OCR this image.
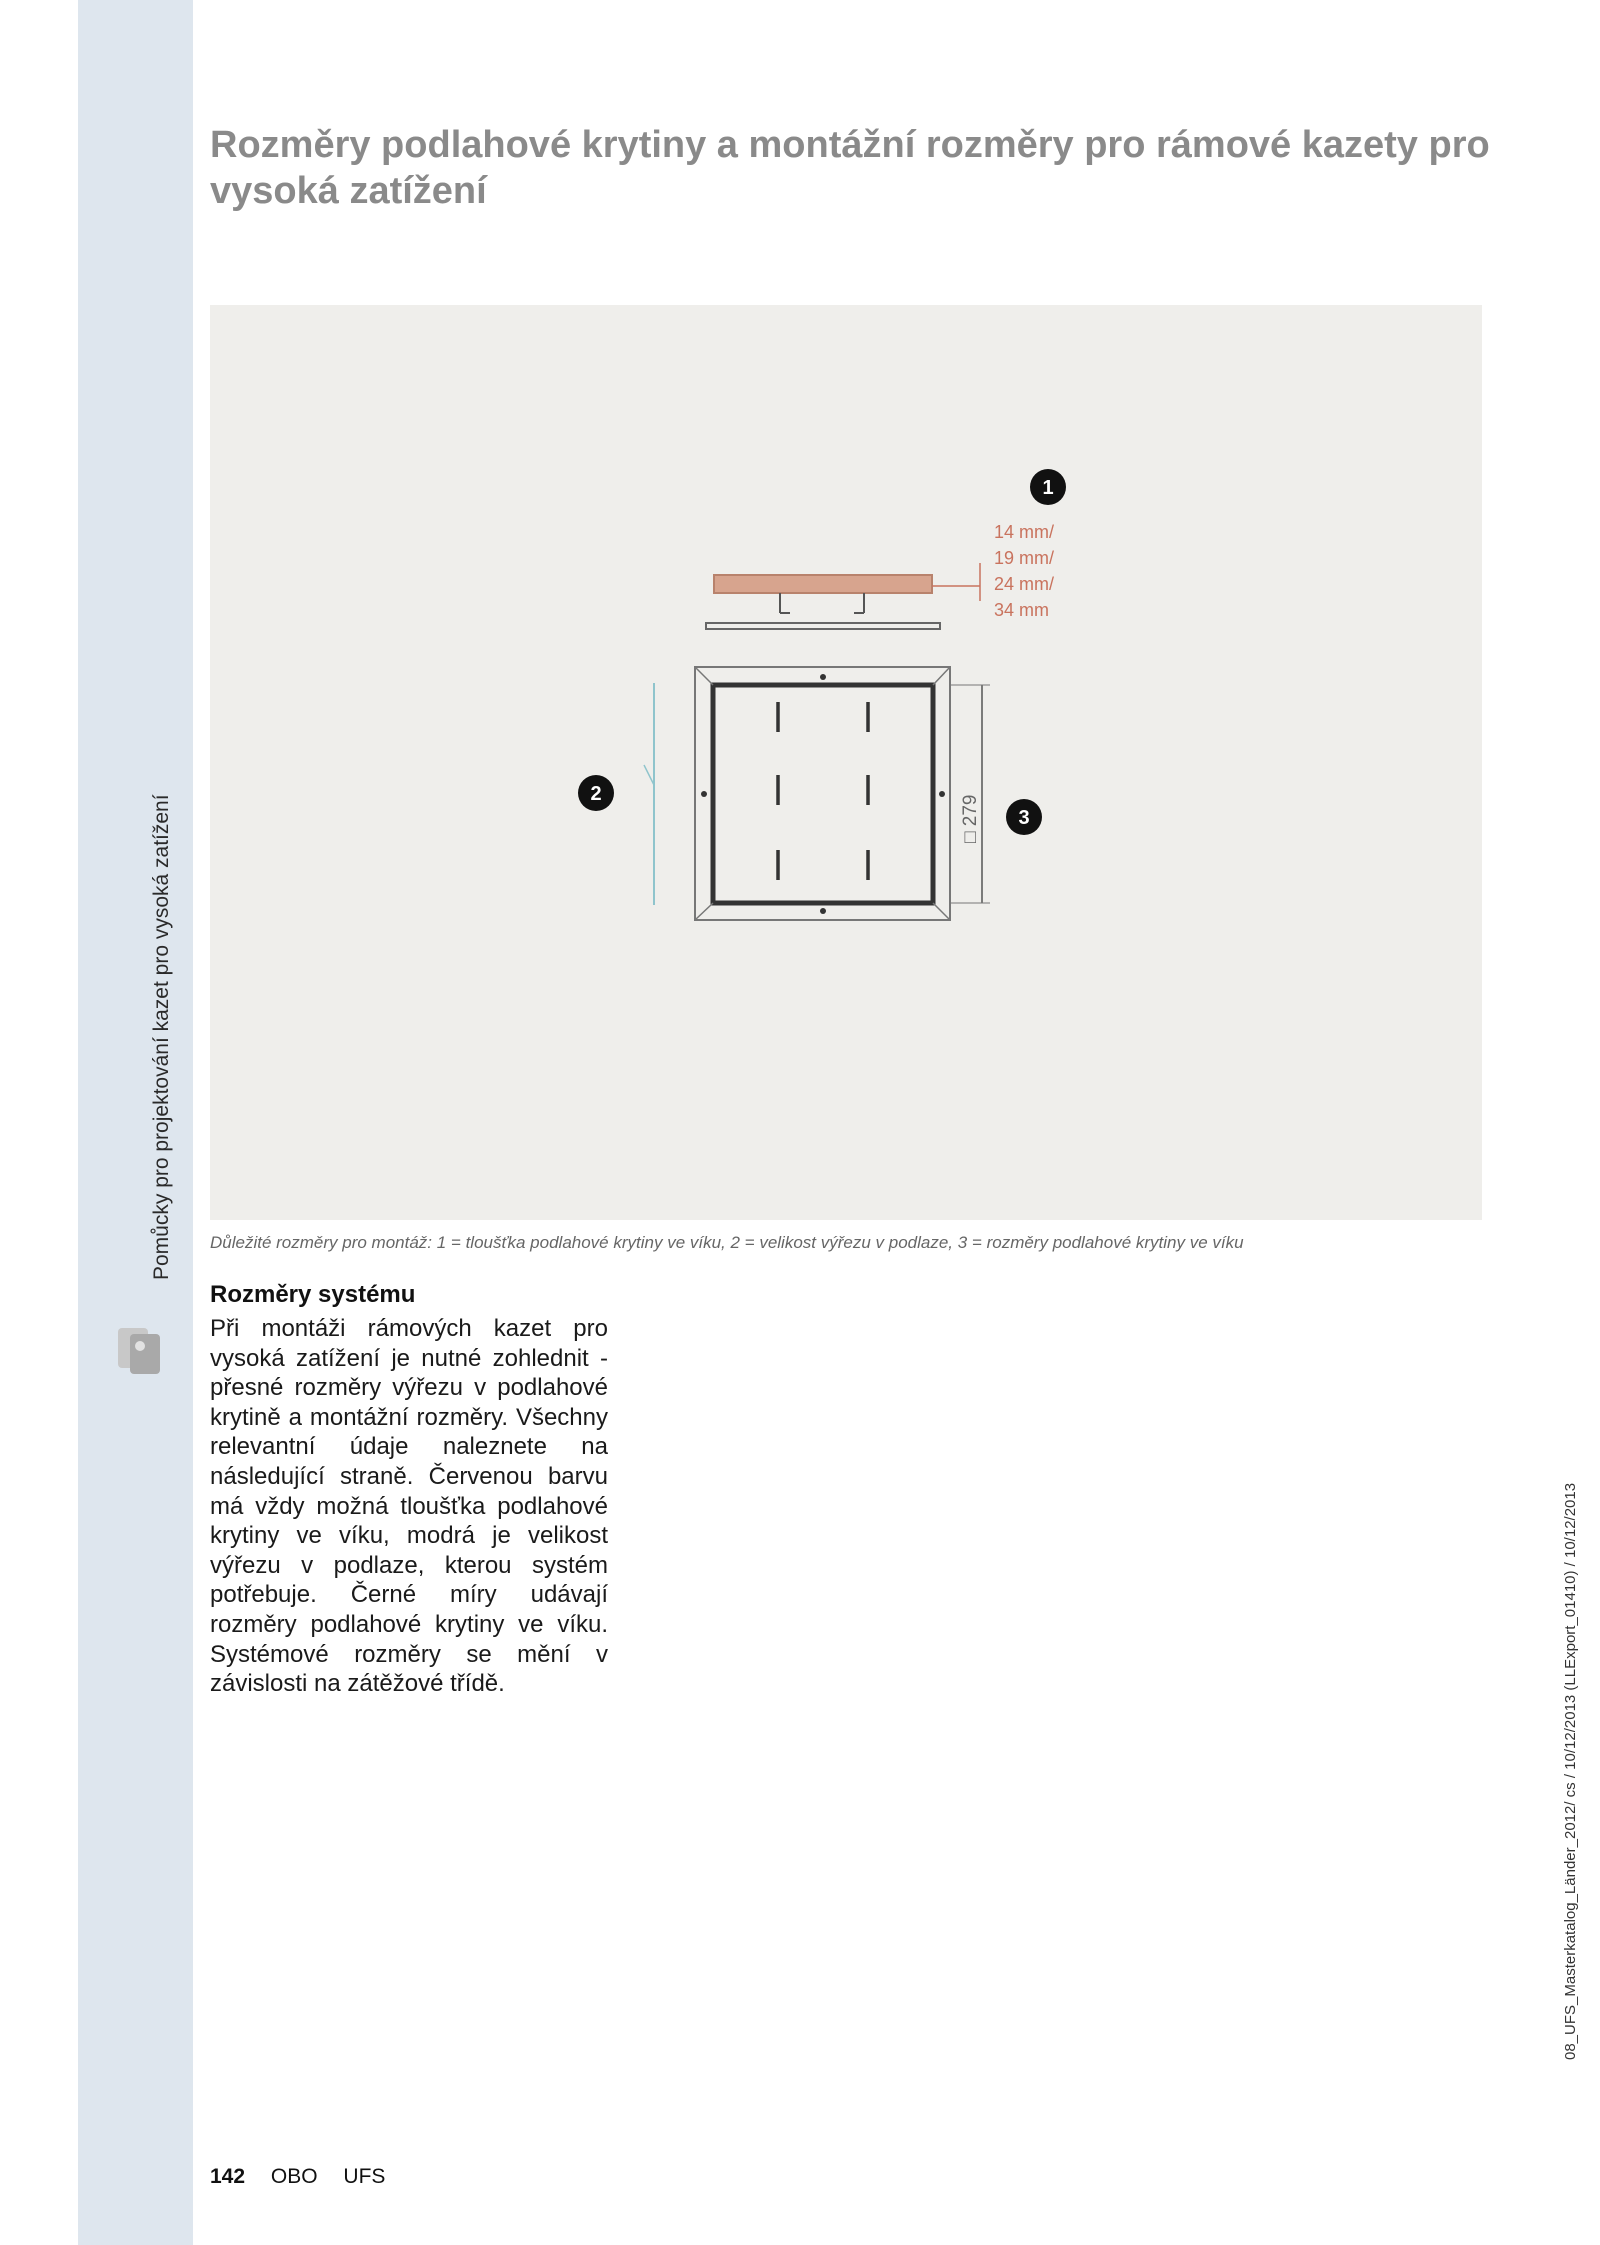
Pomůcky pro projektování kazet pro vysoká zatížení
Rozměry podlahové krytiny a montážní rozměry pro rámové kazety pro vysoká zatížení
1
2
3
14 mm/
19 mm/
24 mm/
34 mm
□ 279
Důležité rozměry pro montáž: 1 = tloušťka podlahové krytiny ve víku, 2 = velikost výřezu v podlaze, 3 = rozměry podlahové krytiny ve víku
Rozměry systému
Při montáži rámových kazet pro vysoká zatížení je nutné zohlednit - přesné rozměry výřezu v podlahové krytině a montážní rozměry. Všechny relevantní údaje naleznete na následující straně. Červenou barvu má vždy možná tloušťka podlahové krytiny ve víku, modrá je velikost výřezu v podlaze, kterou systém potřebuje. Černé míry udávají rozměry podlahové krytiny ve víku. Systémové rozměry se mění v závislosti na zátěžové třídě.
142 OBO UFS
08_UFS_Masterkatalog_Länder_2012/ cs / 10/12/2013 (LLExport_01410) / 10/12/2013
